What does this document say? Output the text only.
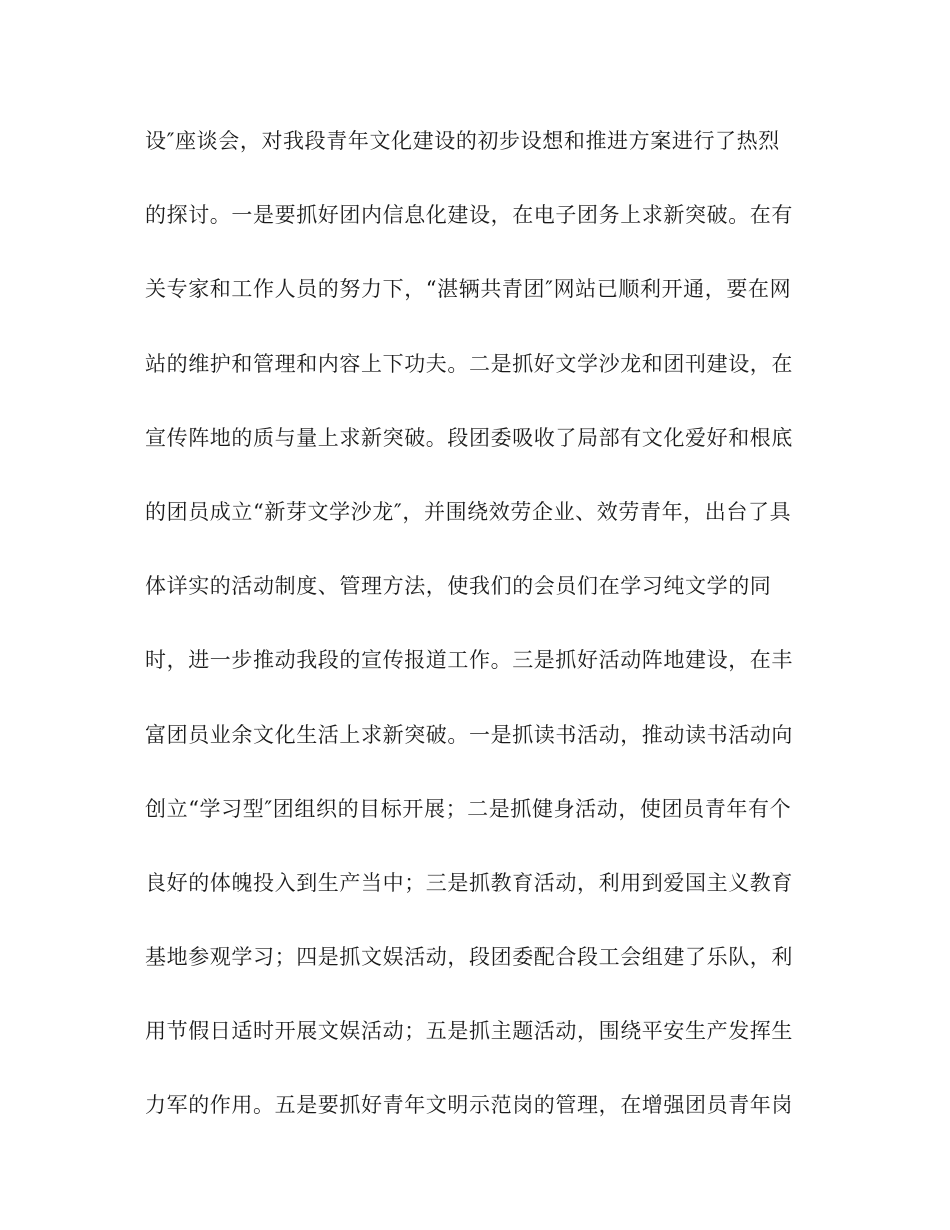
设″座谈会，对我段青年文化建设的初步设想和推进方案进行了热烈
的探讨。一是要抓好团内信息化建设，在电子团务上求新突破。在有
关专家和工作人员的努力下，“湛辆共青团″网站已顺利开通，要在网
站的维护和管理和内容上下功夫。二是抓好文学沙龙和团刊建设，在
宣传阵地的质与量上求新突破。段团委吸收了局部有文化爱好和根底
的团员成立“新芽文学沙龙″，并围绕效劳企业、效劳青年，出台了具
体详实的活动制度、管理方法，使我们的会员们在学习纯文学的同
时，进一步推动我段的宣传报道工作。三是抓好活动阵地建设，在丰
富团员业余文化生活上求新突破。一是抓读书活动，推动读书活动向
创立“学习型″团组织的目标开展；二是抓健身活动，使团员青年有个
良好的体魄投入到生产当中；三是抓教育活动，利用到爱国主义教育
基地参观学习；四是抓文娱活动，段团委配合段工会组建了乐队，利
用节假日适时开展文娱活动；五是抓主题活动，围绕平安生产发挥生
力军的作用。五是要抓好青年文明示范岗的管理，在增强团员青年岗
